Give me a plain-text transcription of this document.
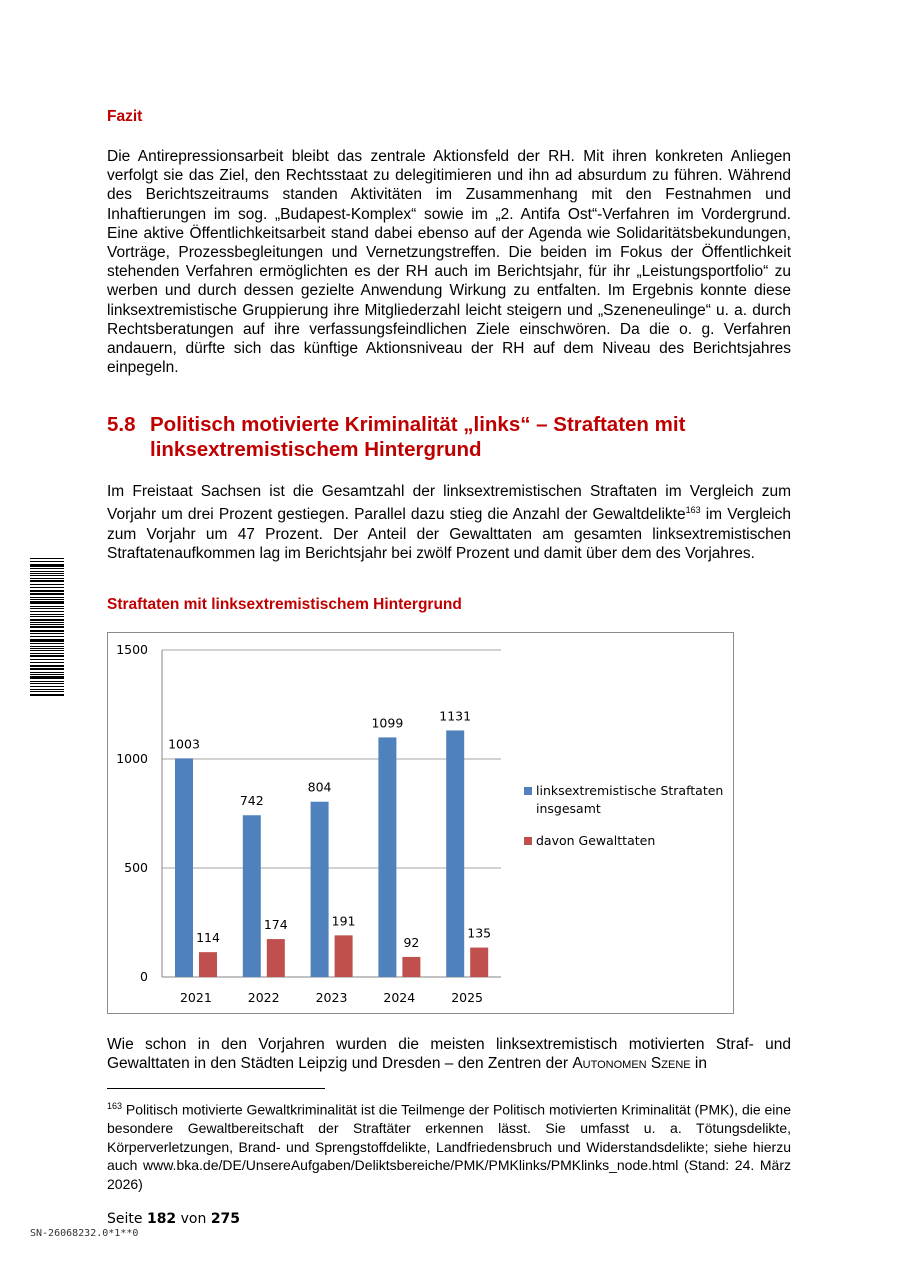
Fazit

Die Antirepressionsarbeit bleibt das zentrale Aktionsfeld der RH. Mit ihren konkreten Anliegen verfolgt sie das Ziel, den Rechtsstaat zu delegitimieren und ihn ad absurdum zu führen. Während des Berichtszeitraums standen Aktivitäten im Zusammenhang mit den Festnahmen und Inhaftierungen im sog. „Budapest-Komplex“ sowie im „2. Antifa Ost“-Verfahren im Vordergrund. Eine aktive Öffentlichkeitsarbeit stand dabei ebenso auf der Agenda wie Solidaritätsbekundungen, Vorträge, Prozessbegleitungen und Vernetzungstreffen. Die beiden im Fokus der Öffentlichkeit stehenden Verfahren ermöglichten es der RH auch im Berichtsjahr, für ihr „Leistungsportfolio“ zu werben und durch dessen gezielte Anwendung Wirkung zu entfalten. Im Ergebnis konnte diese linksextremistische Gruppierung ihre Mitgliederzahl leicht steigern und „Szeneneulinge“ u. a. durch Rechtsberatungen auf ihre verfassungsfeindlichen Ziele einschwören. Da die o. g. Verfahren andauern, dürfte sich das künftige Aktionsniveau der RH auf dem Niveau des Berichtsjahres einpegeln.

5.8 Politisch motivierte Kriminalität „links“ – Straftaten mit linksextremistischem Hintergrund

Im Freistaat Sachsen ist die Gesamtzahl der linksextremistischen Straftaten im Vergleich zum Vorjahr um drei Prozent gestiegen. Parallel dazu stieg die Anzahl der Gewaltdelikte$^{163}$ im Vergleich zum Vorjahr um 47 Prozent. Der Anteil der Gewalttaten am gesamten linksextremistischen Straftatenaufkommen lag im Berichtsjahr bei zwölf Prozent und damit über dem des Vorjahres.

Straftaten mit linksextremistischem Hintergrund
0
500
1000
1500
1003
114
2021
742
174
2022
804
191
2023
1099
92
2024
1131
135
2025
linksextremistische Straftaten insgesamt
davon Gewalttaten

Wie schon in den Vorjahren wurden die meisten linksextremistisch motivierten Straf- und Gewalttaten in den Städten Leipzig und Dresden – den Zentren der Autonomen Szene in

$^{163}$ Politisch motivierte Gewaltkriminalität ist die Teilmenge der Politisch motivierten Kriminalität (PMK), die eine besondere Gewaltbereitschaft der Straftäter erkennen lässt. Sie umfasst u. a. Tötungsdelikte, Körperverletzungen, Brand- und Sprengstoffdelikte, Landfriedensbruch und Widerstandsdelikte; siehe hierzu auch www.bka.de/DE/UnsereAufgaben/Deliktsbereiche/PMK/PMKlinks/PMKlinks_node.html (Stand: 24. März 2026)

Seite 182 von 275
SN-26068232.0*1**0
